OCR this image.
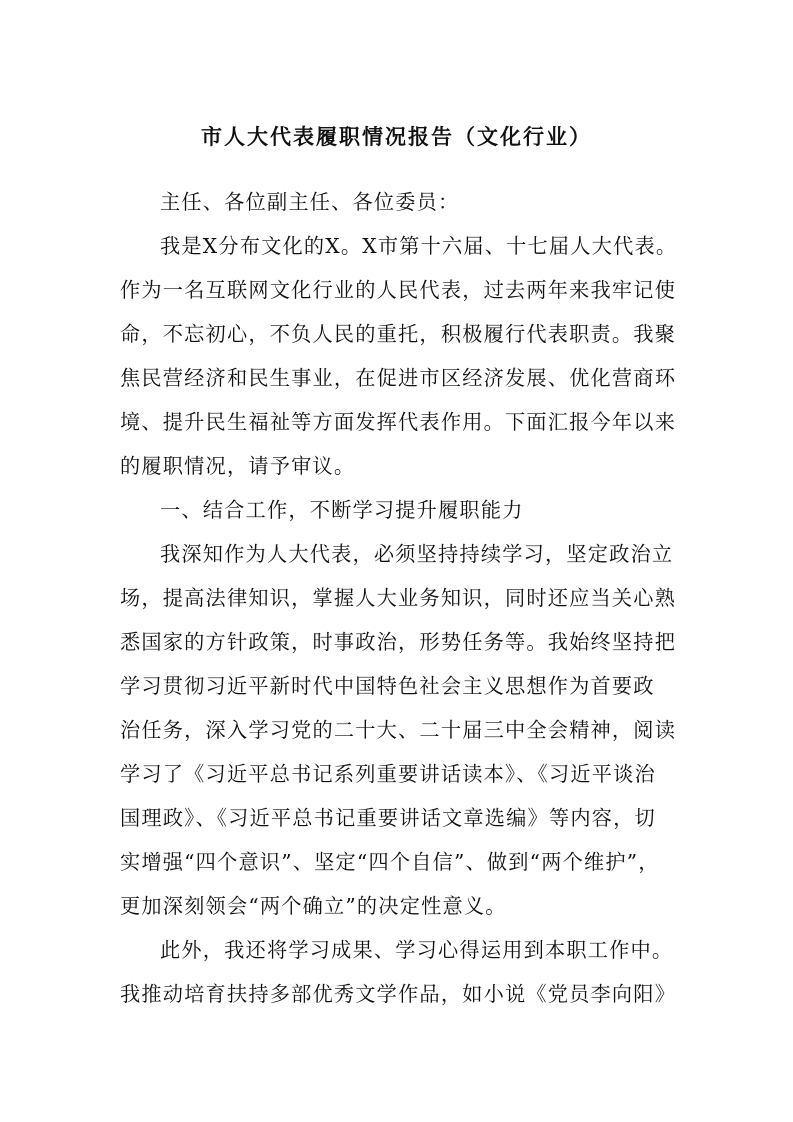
市人大代表履职情况报告（文化行业）
主任、各位副主任、各位委员：
我是X分布文化的X。X市第十六届、十七届人大代表。
作为一名互联网文化行业的人民代表，过去两年来我牢记使
命，不忘初心，不负人民的重托，积极履行代表职责。我聚
焦民营经济和民生事业，在促进市区经济发展、优化营商环
境、提升民生福祉等方面发挥代表作用。下面汇报今年以来
的履职情况，请予审议。
一、结合工作，不断学习提升履职能力
我深知作为人大代表，必须坚持持续学习，坚定政治立
场，提高法律知识，掌握人大业务知识，同时还应当关心熟
悉国家的方针政策，时事政治，形势任务等。我始终坚持把
学习贯彻习近平新时代中国特色社会主义思想作为首要政
治任务，深入学习党的二十大、二十届三中全会精神，阅读
学习了《习近平总书记系列重要讲话读本》、《习近平谈治
国理政》、《习近平总书记重要讲话文章选编》等内容，切
实增强“四个意识”、坚定“四个自信”、做到“两个维护”，
更加深刻领会“两个确立”的决定性意义。
此外，我还将学习成果、学习心得运用到本职工作中。
我推动培育扶持多部优秀文学作品，如小说《党员李向阳》
